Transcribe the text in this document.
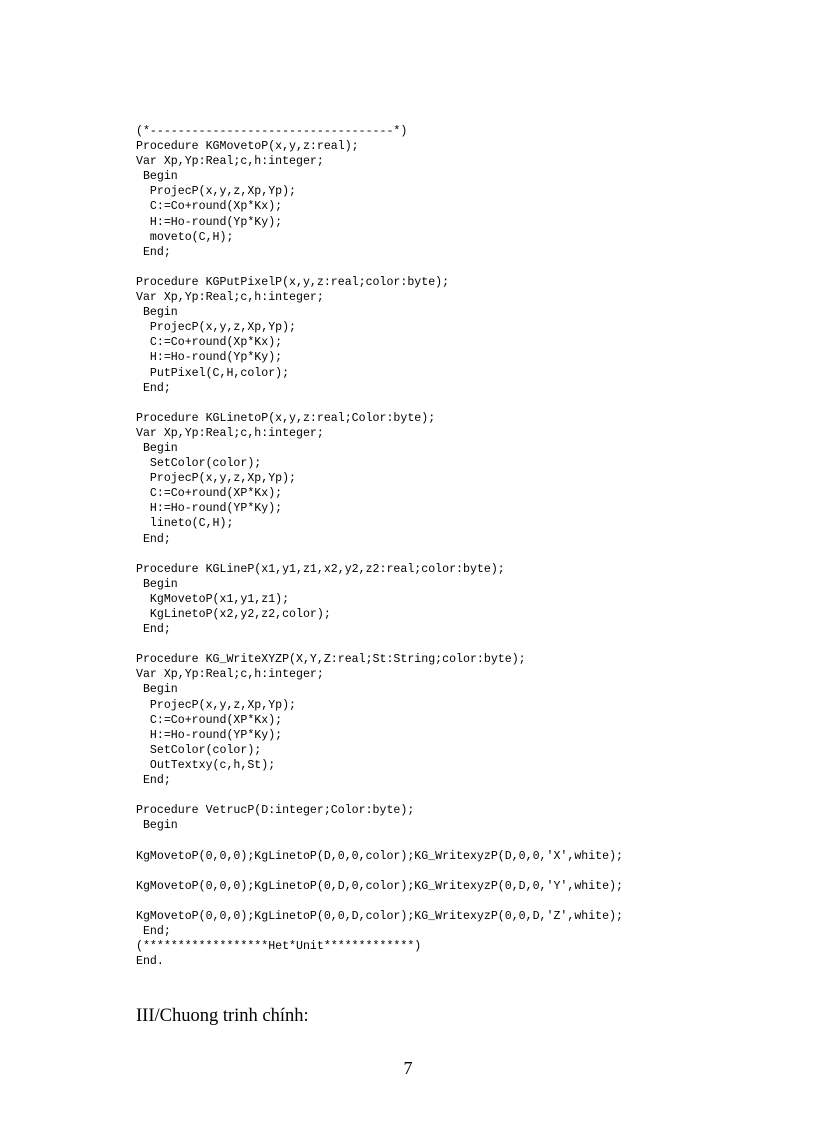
(*-----------------------------------*)
Procedure KGMovetoP(x,y,z:real);
Var Xp,Yp:Real;c,h:integer;
Begin
ProjecP(x,y,z,Xp,Yp);
C:=Co+round(Xp*Kx);
H:=Ho-round(Yp*Ky);
moveto(C,H);
End;
Procedure KGPutPixelP(x,y,z:real;color:byte);
Var Xp,Yp:Real;c,h:integer;
Begin
ProjecP(x,y,z,Xp,Yp);
C:=Co+round(Xp*Kx);
H:=Ho-round(Yp*Ky);
PutPixel(C,H,color);
End;
Procedure KGLinetoP(x,y,z:real;Color:byte);
Var Xp,Yp:Real;c,h:integer;
Begin
SetColor(color);
ProjecP(x,y,z,Xp,Yp);
C:=Co+round(XP*Kx);
H:=Ho-round(YP*Ky);
lineto(C,H);
End;
Procedure KGLineP(x1,y1,z1,x2,y2,z2:real;color:byte);
Begin
KgMovetoP(x1,y1,z1);
KgLinetoP(x2,y2,z2,color);
End;
Procedure KG_WriteXYZP(X,Y,Z:real;St:String;color:byte);
Var Xp,Yp:Real;c,h:integer;
Begin
ProjecP(x,y,z,Xp,Yp);
C:=Co+round(XP*Kx);
H:=Ho-round(YP*Ky);
SetColor(color);
OutTextxy(c,h,St);
End;
Procedure VetrucP(D:integer;Color:byte);
Begin
KgMovetoP(0,0,0);KgLinetoP(D,0,0,color);KG_WritexyzP(D,0,0,'X',white);
KgMovetoP(0,0,0);KgLinetoP(0,D,0,color);KG_WritexyzP(0,D,0,'Y',white);
KgMovetoP(0,0,0);KgLinetoP(0,0,D,color);KG_WritexyzP(0,0,D,'Z',white);
End;
(******************Het*Unit*************)
End.
III/Chuong trinh chính:
7
